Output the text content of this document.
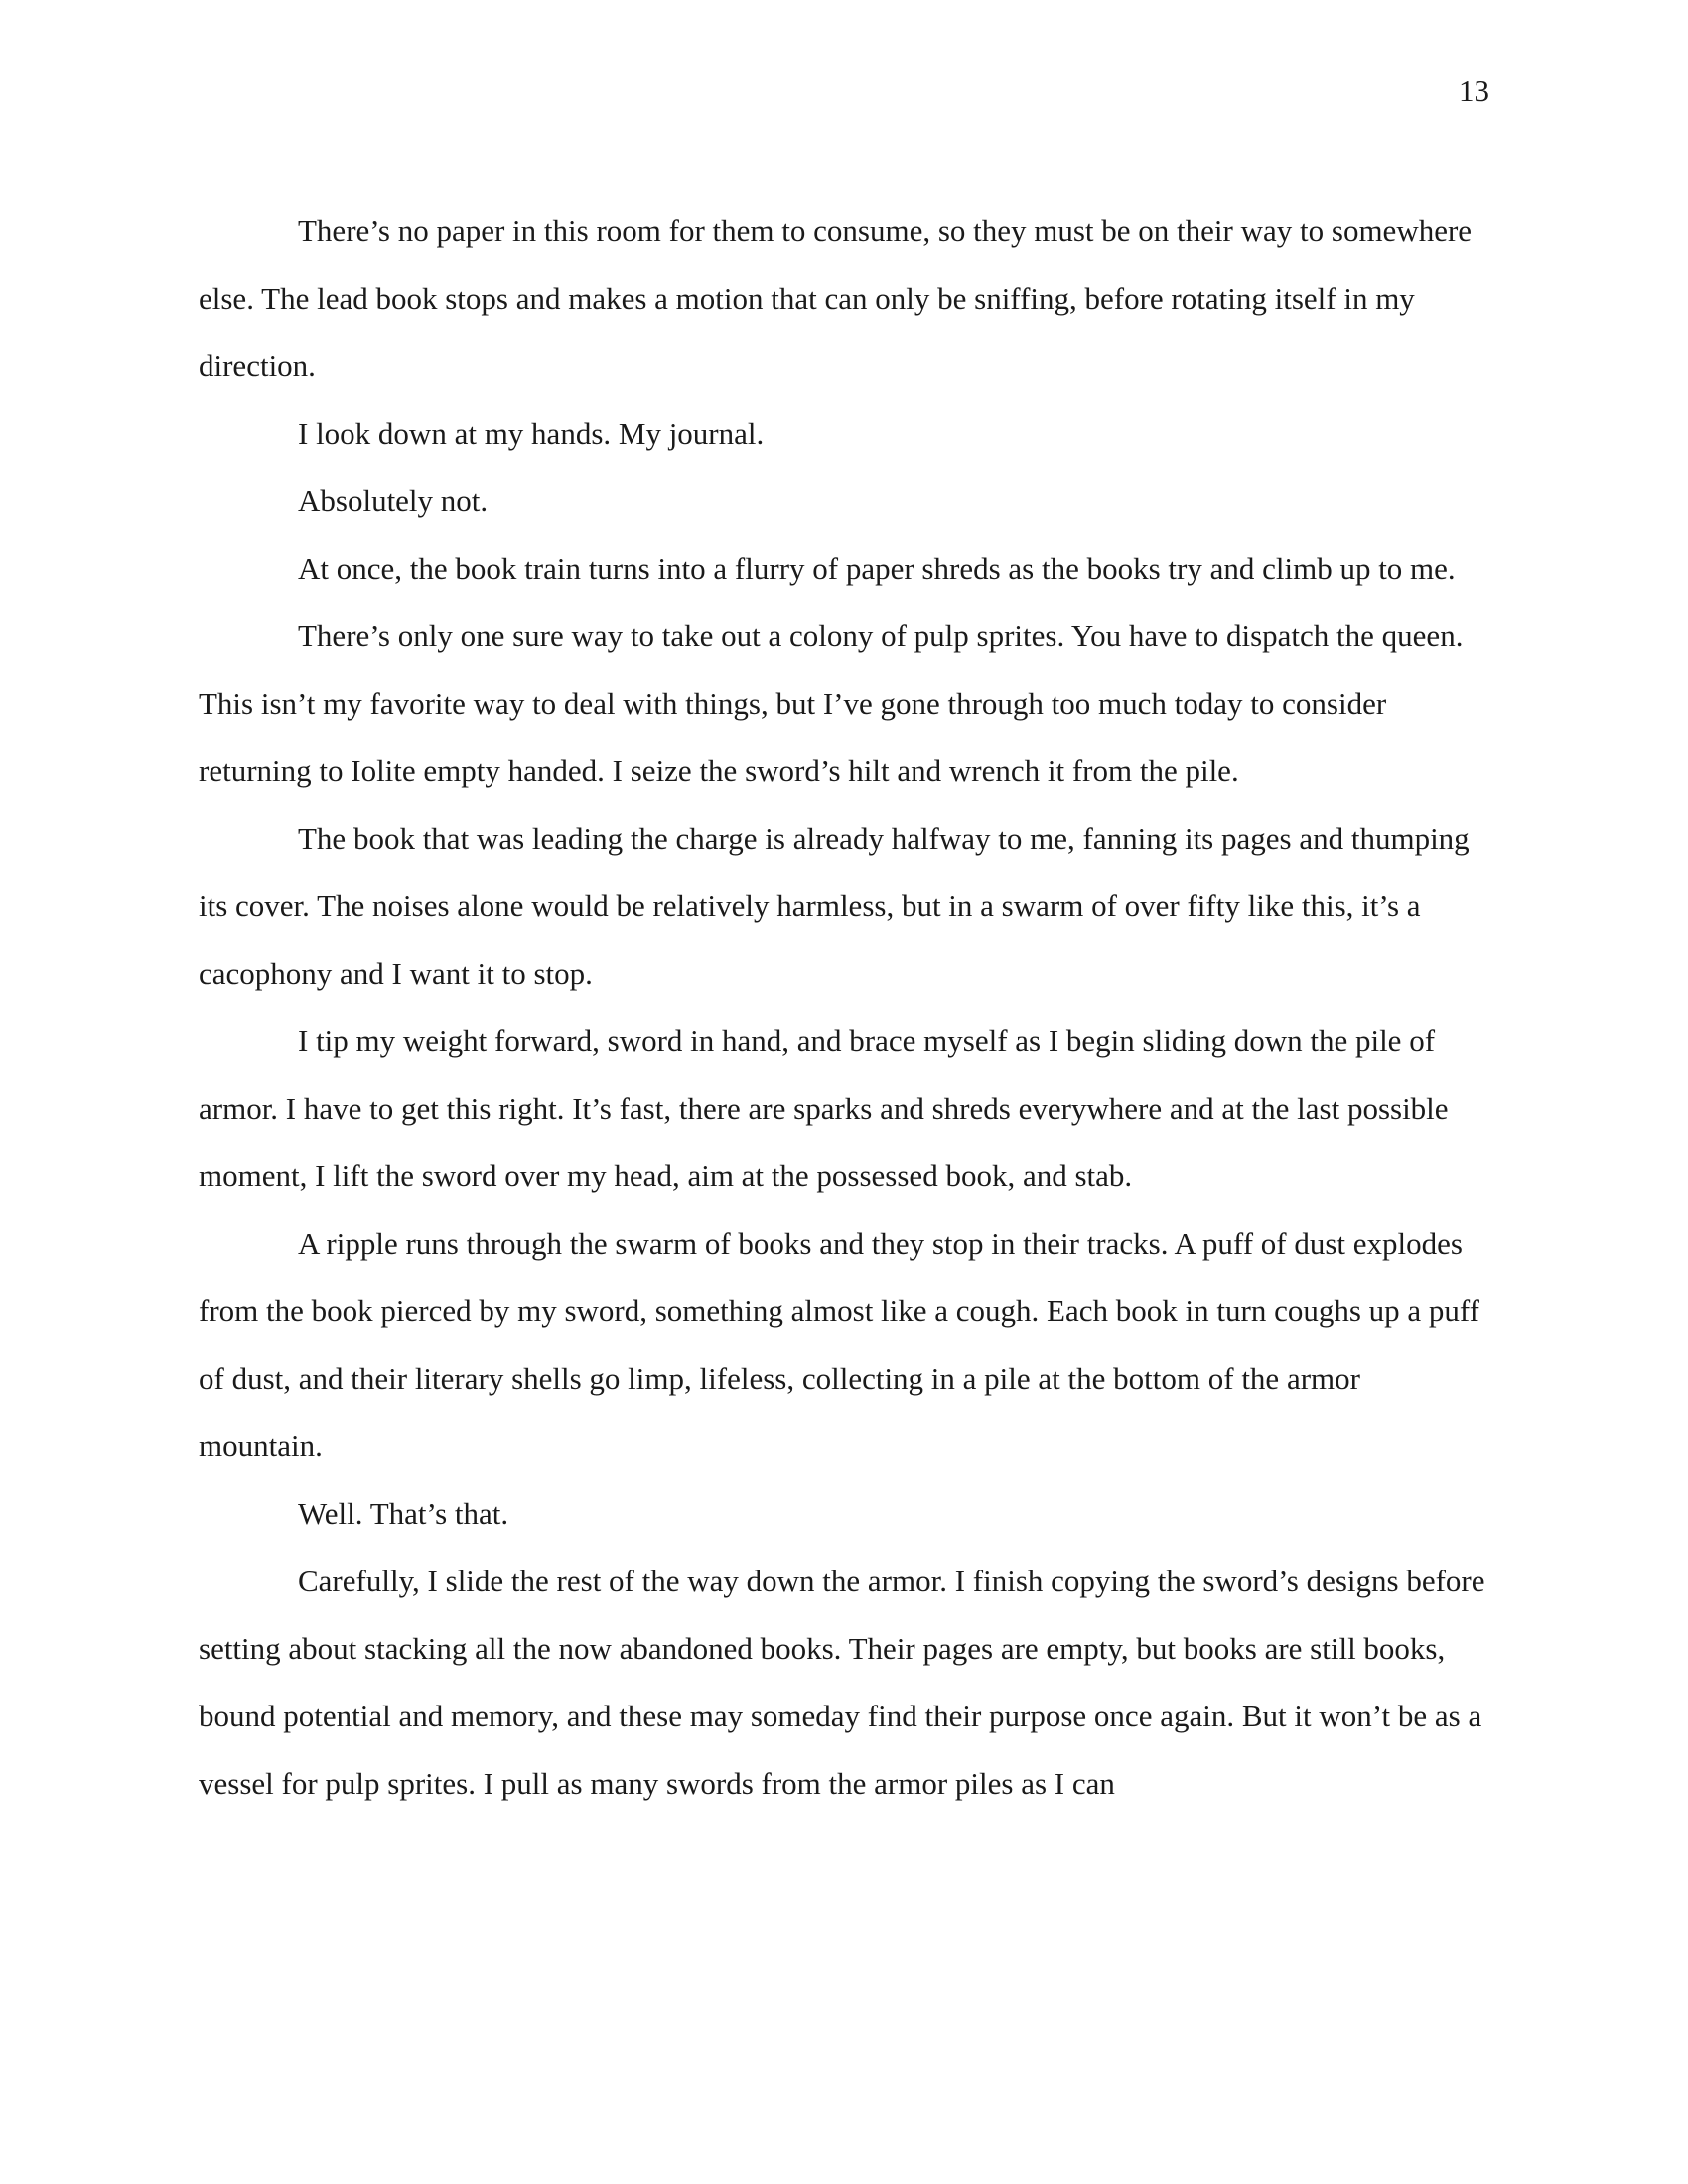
13

There’s no paper in this room for them to consume, so they must be on their way to somewhere else. The lead book stops and makes a motion that can only be sniffing, before rotating itself in my direction.

I look down at my hands. My journal.

Absolutely not.

At once, the book train turns into a flurry of paper shreds as the books try and climb up to me.

There’s only one sure way to take out a colony of pulp sprites. You have to dispatch the queen. This isn’t my favorite way to deal with things, but I’ve gone through too much today to consider returning to Iolite empty handed. I seize the sword’s hilt and wrench it from the pile.

The book that was leading the charge is already halfway to me, fanning its pages and thumping its cover. The noises alone would be relatively harmless, but in a swarm of over fifty like this, it’s a cacophony and I want it to stop.

I tip my weight forward, sword in hand, and brace myself as I begin sliding down the pile of armor. I have to get this right. It’s fast, there are sparks and shreds everywhere and at the last possible moment, I lift the sword over my head, aim at the possessed book, and stab.

A ripple runs through the swarm of books and they stop in their tracks. A puff of dust explodes from the book pierced by my sword, something almost like a cough. Each book in turn coughs up a puff of dust, and their literary shells go limp, lifeless, collecting in a pile at the bottom of the armor mountain.

Well. That’s that.

Carefully, I slide the rest of the way down the armor. I finish copying the sword’s designs before setting about stacking all the now abandoned books. Their pages are empty, but books are still books, bound potential and memory, and these may someday find their purpose once again. But it won’t be as a vessel for pulp sprites. I pull as many swords from the armor piles as I can
